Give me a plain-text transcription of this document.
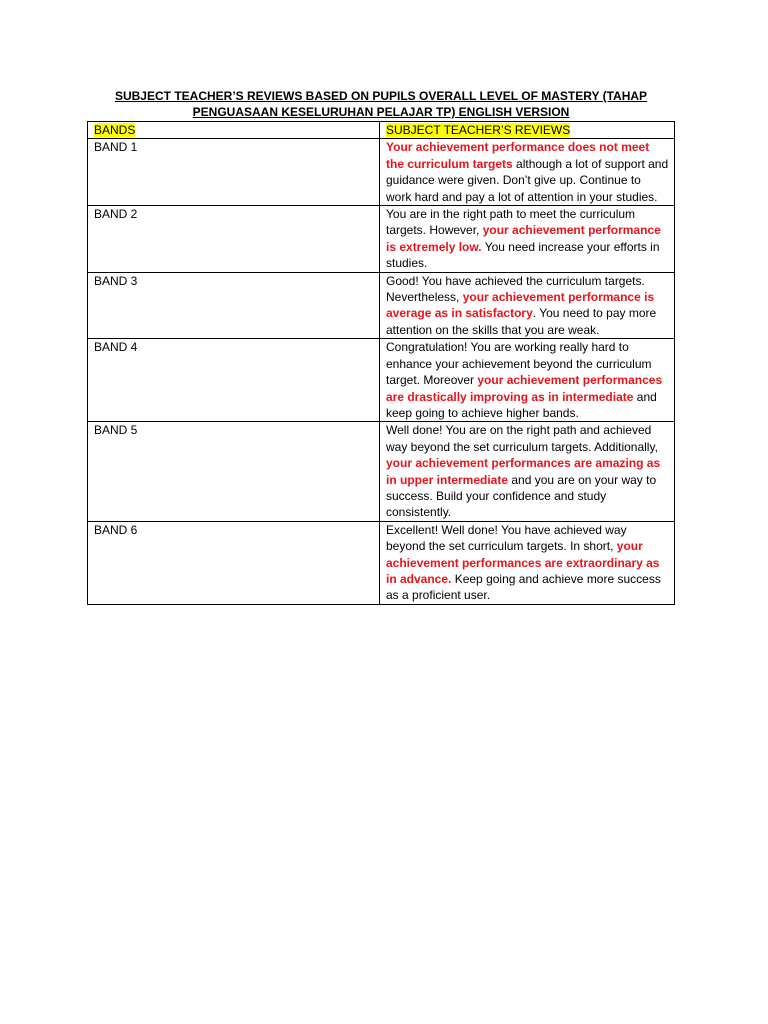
SUBJECT TEACHER’S REVIEWS BASED ON PUPILS OVERALL LEVEL OF MASTERY (TAHAP
PENGUASAAN KESELURUHAN PELAJAR TP) ENGLISH VERSION
BANDS	SUBJECT TEACHER’S REVIEWS
BAND 1	Your achievement performance does not meet the curriculum targets although a lot of support and guidance were given. Don’t give up. Continue to work hard and pay a lot of attention in your studies.
BAND 2	You are in the right path to meet the curriculum targets. However, your achievement performance is extremely low. You need increase your efforts in studies.
BAND 3	Good! You have achieved the curriculum targets. Nevertheless, your achievement performance is average as in satisfactory. You need to pay more attention on the skills that you are weak.
BAND 4	Congratulation! You are working really hard to enhance your achievement beyond the curriculum target. Moreover your achievement performances are drastically improving as in intermediate and keep going to achieve higher bands.
BAND 5	Well done! You are on the right path and achieved way beyond the set curriculum targets. Additionally, your achievement performances are amazing as in upper intermediate and you are on your way to success. Build your confidence and study consistently.
BAND 6	Excellent! Well done! You have achieved way beyond the set curriculum targets. In short, your achievement performances are extraordinary as in advance. Keep going and achieve more success as a proficient user.
